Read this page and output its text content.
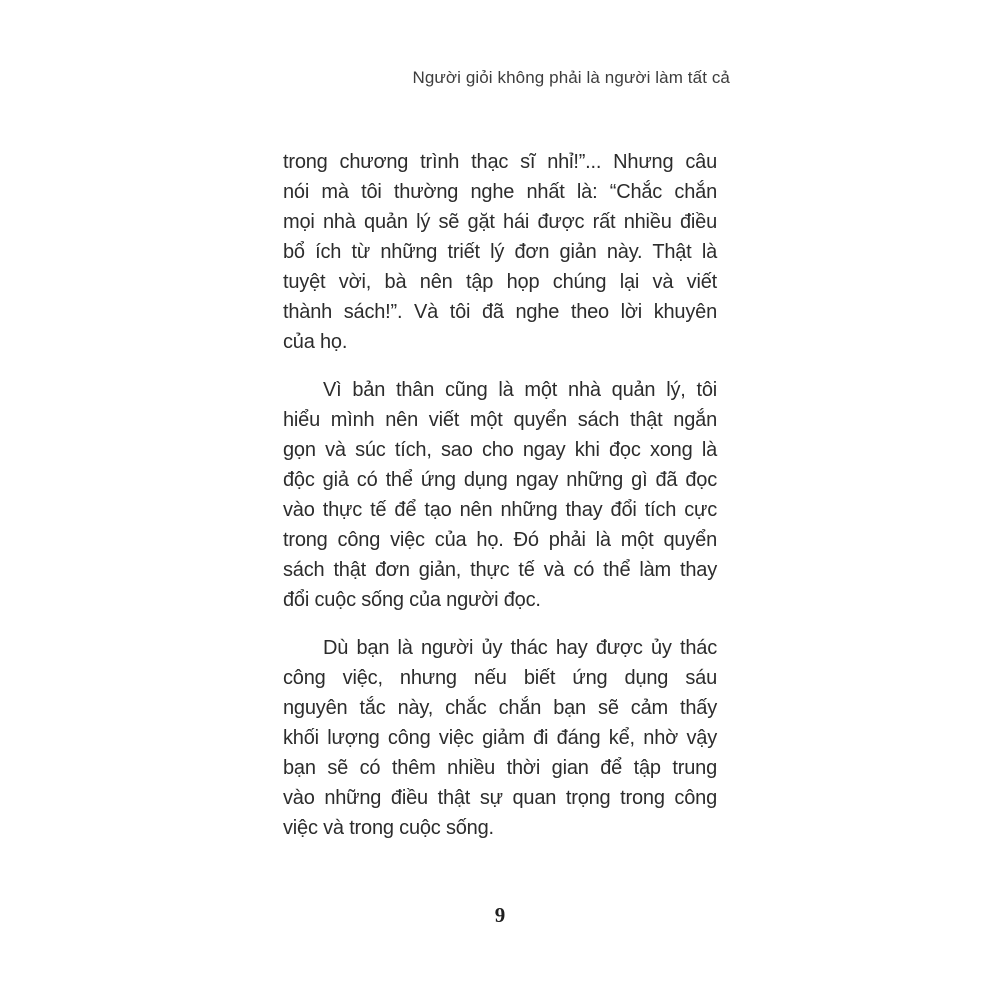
Người giỏi không phải là người làm tất cả
trong chương trình thạc sĩ nhỉ!”... Nhưng câu
nói mà tôi thường nghe nhất là: “Chắc chắn
mọi nhà quản lý sẽ gặt hái được rất nhiều điều
bổ ích từ những triết lý đơn giản này. Thật là
tuyệt vời, bà nên tập họp chúng lại và viết
thành sách!”. Và tôi đã nghe theo lời khuyên
của họ.
Vì bản thân cũng là một nhà quản lý, tôi
hiểu mình nên viết một quyển sách thật ngắn
gọn và súc tích, sao cho ngay khi đọc xong là
độc giả có thể ứng dụng ngay những gì đã đọc
vào thực tế để tạo nên những thay đổi tích cực
trong công việc của họ. Đó phải là một quyển
sách thật đơn giản, thực tế và có thể làm thay
đổi cuộc sống của người đọc.
Dù bạn là người ủy thác hay được ủy thác
công việc, nhưng nếu biết ứng dụng sáu
nguyên tắc này, chắc chắn bạn sẽ cảm thấy
khối lượng công việc giảm đi đáng kể, nhờ vậy
bạn sẽ có thêm nhiều thời gian để tập trung
vào những điều thật sự quan trọng trong công
việc và trong cuộc sống.
9
